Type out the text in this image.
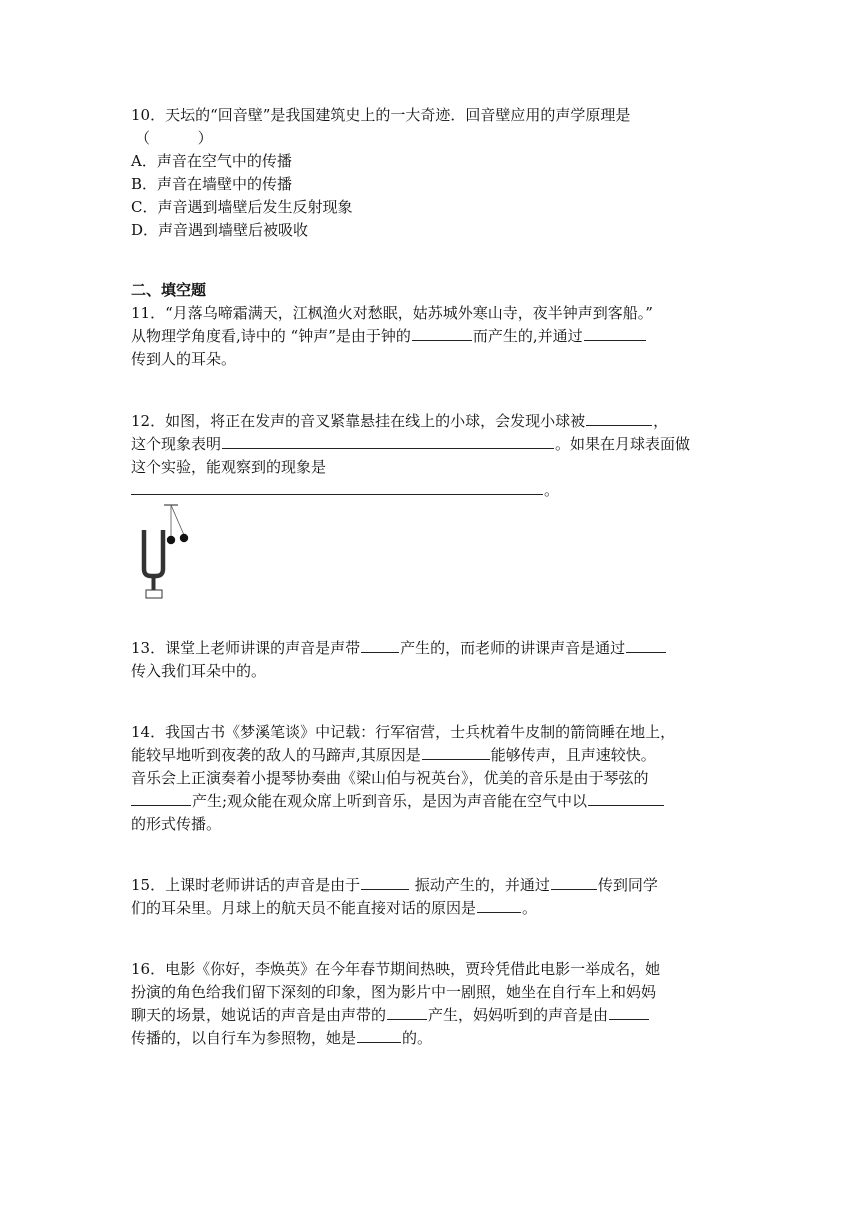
10．天坛的“回音壁”是我国建筑史上的一大奇迹．回音壁应用的声学原理是
（          ）
A．声音在空气中的传播
B．声音在墙壁中的传播
C．声音遇到墙壁后发生反射现象
D．声音遇到墙壁后被吸收
二、填空题
11．“月落乌啼霜满天，江枫渔火对愁眠，姑苏城外寒山寺，夜半钟声到客船。”
从物理学角度看,诗中的 “钟声”是由于钟的	而产生的,并通过
传到人的耳朵。
12．如图，将正在发声的音叉紧靠悬挂在线上的小球，会发现小球被	，
这个现象表明	。如果在月球表面做
这个实验，能观察到的现象是
。
13．课堂上老师讲课的声音是声带	产生的，而老师的讲课声音是通过
传入我们耳朵中的。
14．我国古书《梦溪笔谈》中记载：行军宿营，士兵枕着牛皮制的箭筒睡在地上，
能较早地听到夜袭的敌人的马蹄声,其原因是	能够传声，且声速较快。
音乐会上正演奏着小提琴协奏曲《梁山伯与祝英台》，优美的音乐是由于琴弦的
产生;观众能在观众席上听到音乐，是因为声音能在空气中以
的形式传播。
15．上课时老师讲话的声音是由于	振动产生的，并通过	传到同学
们的耳朵里。月球上的航天员不能直接对话的原因是	。
16．电影《你好，李焕英》在今年春节期间热映，贾玲凭借此电影一举成名，她
扮演的角色给我们留下深刻的印象，图为影片中一剧照，她坐在自行车上和妈妈
聊天的场景，她说话的声音是由声带的	产生，妈妈听到的声音是由
传播的，以自行车为参照物，她是	的。
